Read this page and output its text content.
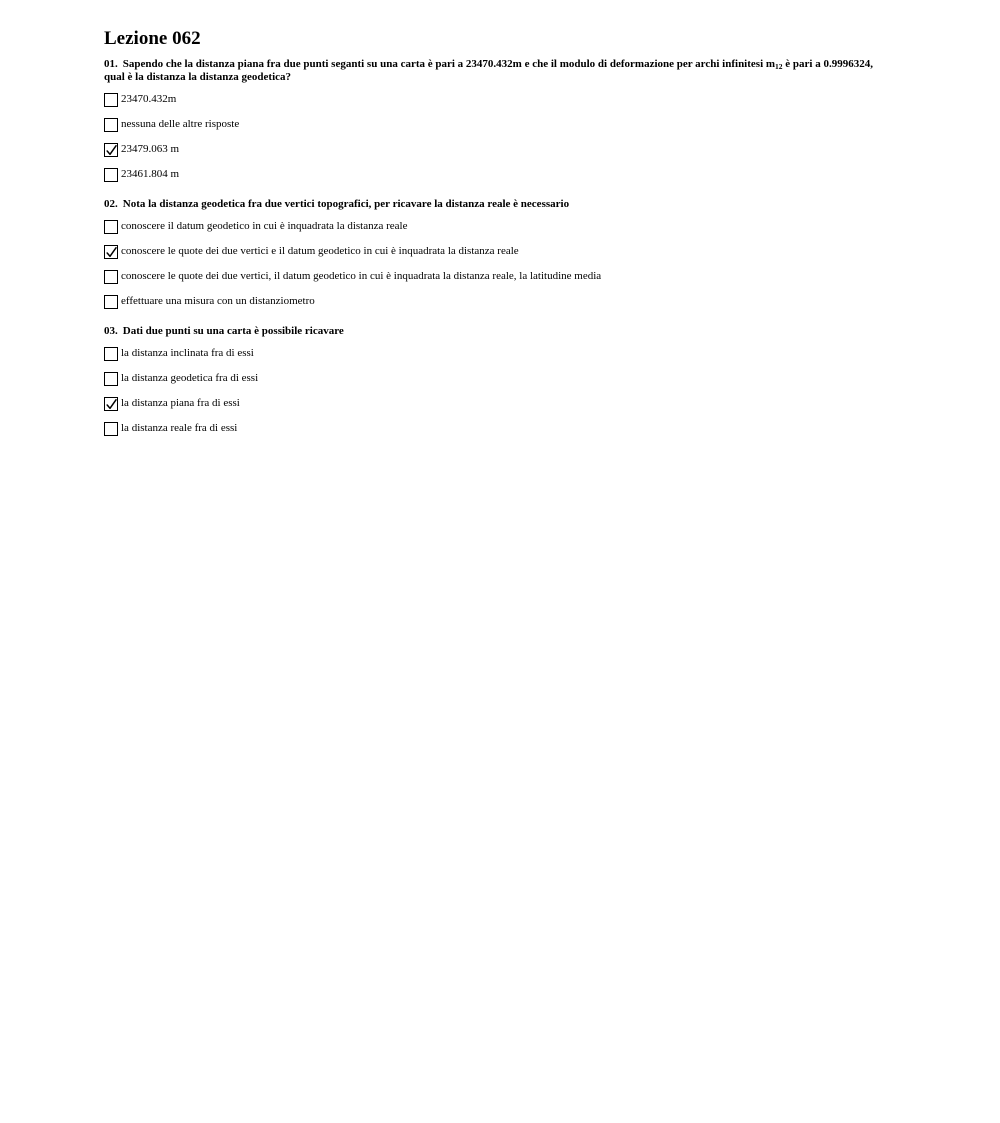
Lezione 062

01. Sapendo che la distanza piana fra due punti seganti su una carta è pari a 23470.432m e che il modulo di deformazione per archi infinitesi $m_{12}$ è pari a 0.9996324, qual è la distanza la distanza geodetica?

23470.432m
nessuna delle altre risposte
23479.063 m
23461.804 m

02. Nota la distanza geodetica fra due vertici topografici, per ricavare la distanza reale è necessario

conoscere il datum geodetico in cui è inquadrata la distanza reale
conoscere le quote dei due vertici e il datum geodetico in cui è inquadrata la distanza reale
conoscere le quote dei due vertici, il datum geodetico in cui è inquadrata la distanza reale, la latitudine media
effettuare una misura con un distanziometro

03. Dati due punti su una carta è possibile ricavare

la distanza inclinata fra di essi
la distanza geodetica fra di essi
la distanza piana fra di essi
la distanza reale fra di essi
